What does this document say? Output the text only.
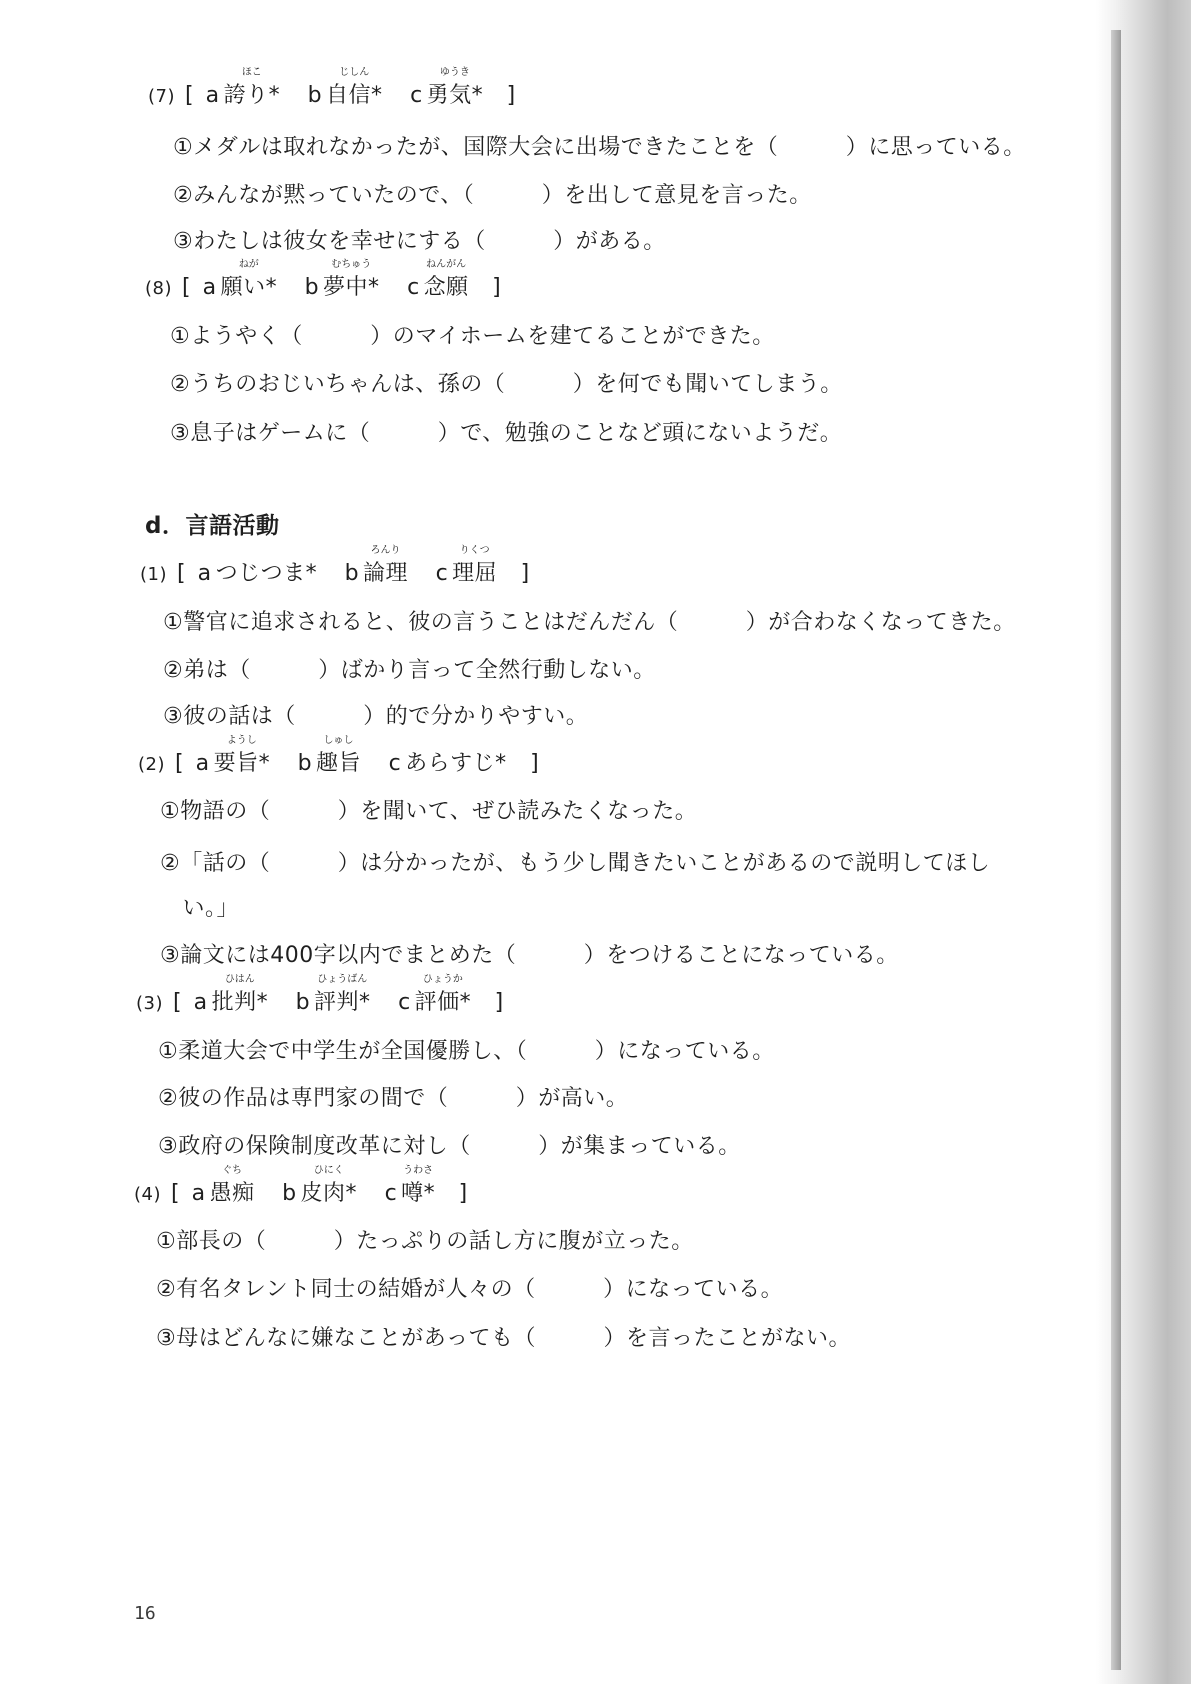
(7) [ a
ほこ
誇り* b
じしん
自信* c
ゆうき
勇気* ]
①メダルは取れなかったが、国際大会に出場できたことを（　　　）に思っている。
②みんなが黙っていたので、（　　　）を出して意見を言った。
③わたしは彼女を幸せにする（　　　）がある。
(8) [ a
ねが
願い* b
むちゅう
夢中* c
ねんがん
念願 ]
①ようやく（　　　）のマイホームを建てることができた。
②うちのおじいちゃんは、孫の（　　　）を何でも聞いてしまう。
③息子はゲームに（　　　）で、勉強のことなど頭にないようだ。
d．言語活動
(1) [ a つじつま* b
ろんり
論理 c
りくつ
理屈 ]
①警官に追求されると、彼の言うことはだんだん（　　　）が合わなくなってきた。
②弟は（　　　）ばかり言って全然行動しない。
③彼の話は（　　　）的で分かりやすい。
(2) [ a
ようし
要旨* b
しゅし
趣旨 c あらすじ* ]
①物語の（　　　）を聞いて、ぜひ読みたくなった。
②「話の（　　　）は分かったが、もう少し聞きたいことがあるので説明してほし
　い。」
③論文には400字以内でまとめた（　　　）をつけることになっている。
(3) [ a
ひはん
批判* b
ひょうばん
評判* c
ひょうか
評価* ]
①柔道大会で中学生が全国優勝し、（　　　）になっている。
②彼の作品は専門家の間で（　　　）が高い。
③政府の保険制度改革に対し（　　　）が集まっている。
(4) [ a
ぐち
愚痴 b
ひにく
皮肉* c
うわさ
噂* ]
①部長の（　　　）たっぷりの話し方に腹が立った。
②有名タレント同士の結婚が人々の（　　　）になっている。
③母はどんなに嫌なことがあっても（　　　）を言ったことがない。
16
